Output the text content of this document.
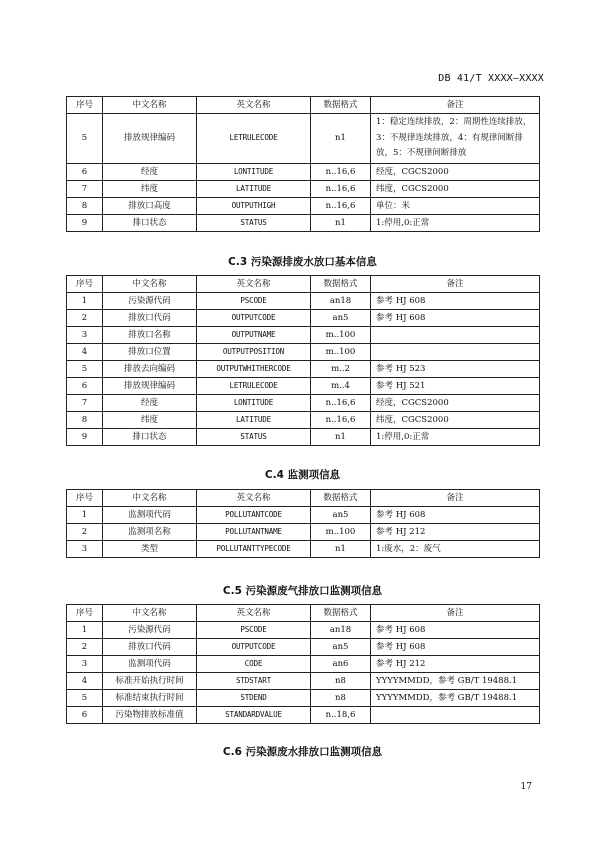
DB 41/T XXXX—XXXX
序号	中文名称	英文名称	数据格式	备注
5	排放规律编码	LETRULECODE	n1	1：稳定连续排放，2：周期性连续排放，3：不规律连续排放，4：有规律间断排放，5：不规律间断排放
6	经度	LONTITUDE	n..16,6	经度，CGCS2000
7	纬度	LATITUDE	n..16,6	纬度，CGCS2000
8	排放口高度	OUTPUTHIGH	n..16,6	单位：米
9	排口状态	STATUS	n1	1:停用,0:正常
C.3 污染源排废水放口基本信息
序号	中文名称	英文名称	数据格式	备注
1	污染源代码	PSCODE	an18	参考 HJ 608
2	排放口代码	OUTPUTCODE	an5	参考 HJ 608
3	排放口名称	OUTPUTNAME	m..100	
4	排放口位置	OUTPUTPOSITION	m..100	
5	排放去向编码	OUTPUTWHITHERCODE	m..2	参考 HJ 523
6	排放规律编码	LETRULECODE	m..4	参考 HJ 521
7	经度	LONTITUDE	n..16,6	经度，CGCS2000
8	纬度	LATITUDE	n..16,6	纬度，CGCS2000
9	排口状态	STATUS	n1	1:停用,0:正常
C.4 监测项信息
序号	中文名称	英文名称	数据格式	备注
1	监测项代码	POLLUTANTCODE	an5	参考 HJ 608
2	监测项名称	POLLUTANTNAME	m..100	参考 HJ 212
3	类型	POLLUTANTTYPECODE	n1	1:废水，2：废气
C.5 污染源废气排放口监测项信息
序号	中文名称	英文名称	数据格式	备注
1	污染源代码	PSCODE	an18	参考 HJ 608
2	排放口代码	OUTPUTCODE	an5	参考 HJ 608
3	监测项代码	CODE	an6	参考 HJ 212
4	标准开始执行时间	STDSTART	n8	YYYYMMDD，参考 GB/T 19488.1
5	标准结束执行时间	STDEND	n8	YYYYMMDD，参考 GB/T 19488.1
6	污染物排放标准值	STANDARDVALUE	n..18,6	
C.6 污染源废水排放口监测项信息
17
